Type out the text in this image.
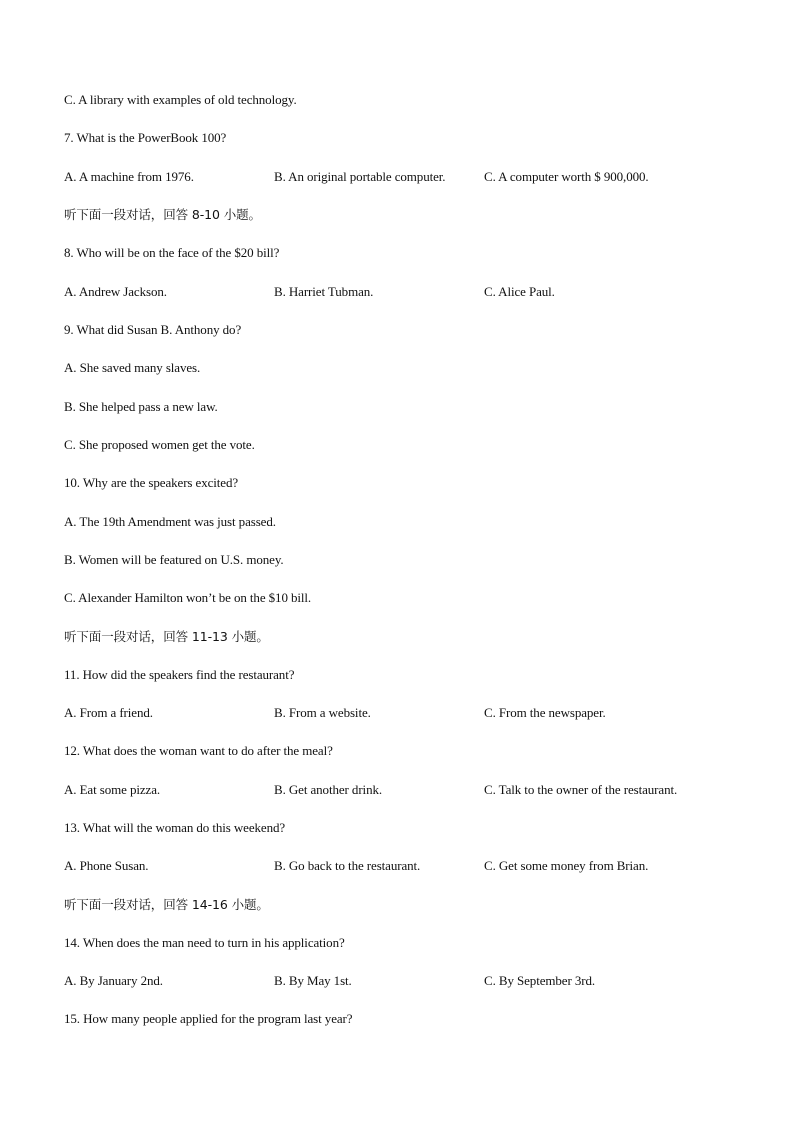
C. A library with examples of old technology.
7. What is the PowerBook 100?
A. A machine from 1976.	B. An original portable computer.	C. A computer worth $ 900,000.
听下面一段对话，回答 8-10 小题。
8. Who will be on the face of the $20 bill?
A. Andrew Jackson.	B. Harriet Tubman.	C. Alice Paul.
9. What did Susan B. Anthony do?
A. She saved many slaves.
B. She helped pass a new law.
C. She proposed women get the vote.
10. Why are the speakers excited?
A. The 19th Amendment was just passed.
B. Women will be featured on U.S. money.
C. Alexander Hamilton won’t be on the $10 bill.
听下面一段对话，回答 11-13 小题。
11. How did the speakers find the restaurant?
A. From a friend.	B. From a website.	C. From the newspaper.
12. What does the woman want to do after the meal?
A. Eat some pizza.	B. Get another drink.	C. Talk to the owner of the restaurant.
13. What will the woman do this weekend?
A. Phone Susan.	B. Go back to the restaurant.	C. Get some money from Brian.
听下面一段对话，回答 14-16 小题。
14. When does the man need to turn in his application?
A. By January 2nd.	B. By May 1st.	C. By September 3rd.
15. How many people applied for the program last year?
